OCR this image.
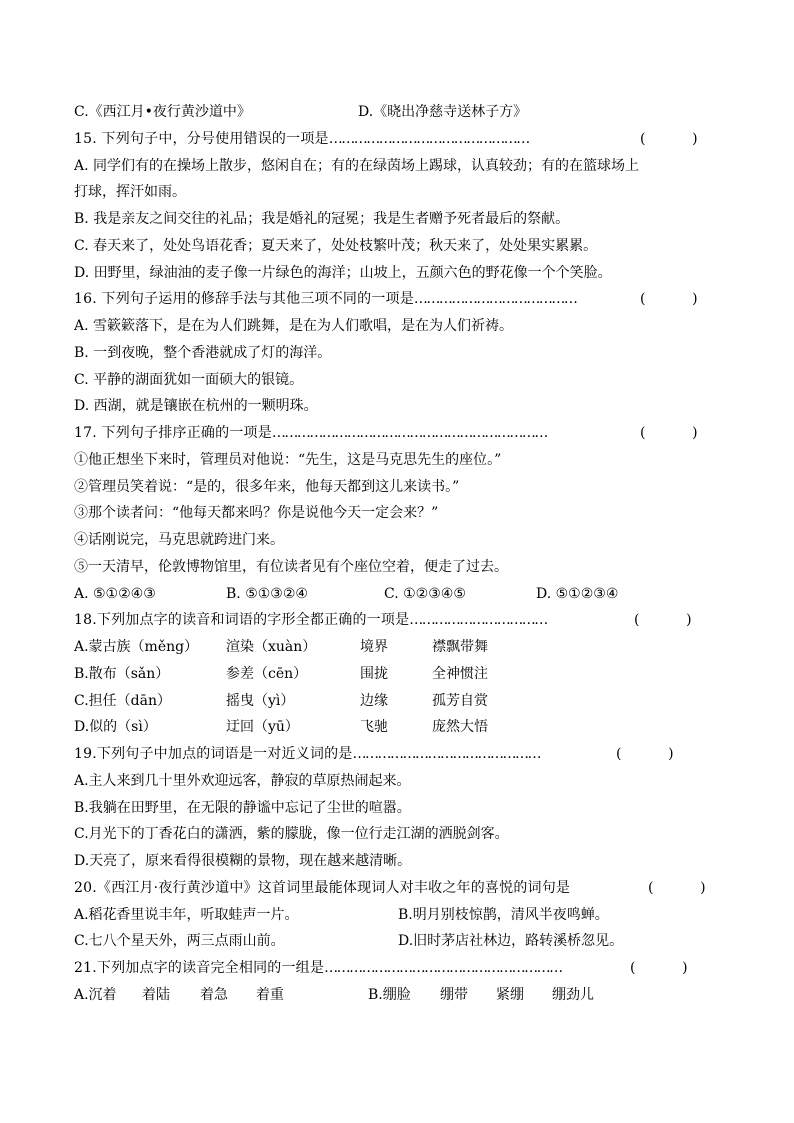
C.《西江月•夜行黄沙道中》	D.《晓出净慈寺送林子方》
15. 下列句子中，分号使用错误的一项是…………………………………………	(          )
A. 同学们有的在操场上散步，悠闲自在；有的在绿茵场上踢球，认真较劲；有的在篮球场上
打球，挥汗如雨。
B. 我是亲友之间交往的礼品；我是婚礼的冠冕；我是生者赠予死者最后的祭献。
C. 春天来了，处处鸟语花香；夏天来了，处处枝繁叶茂；秋天来了，处处果实累累。
D. 田野里，绿油油的麦子像一片绿色的海洋；山坡上，五颜六色的野花像一个个笑脸。
16. 下列句子运用的修辞手法与其他三项不同的一项是…………………………………	(          )
A. 雪簌簌落下，是在为人们跳舞，是在为人们歌唱，是在为人们祈祷。
B. 一到夜晚，整个香港就成了灯的海洋。
C. 平静的湖面犹如一面硕大的银镜。
D. 西湖，就是镶嵌在杭州的一颗明珠。
17. 下列句子排序正确的一项是…………………………………………………………	(          )
①他正想坐下来时，管理员对他说：“先生，这是马克思先生的座位。”
②管理员笑着说：“是的，很多年来，他每天都到这儿来读书。”
③那个读者问：“他每天都来吗？你是说他今天一定会来？”
④话刚说完，马克思就跨进门来。
⑤一天清早，伦敦博物馆里，有位读者见有个座位空着，便走了过去。
A. ⑤①②④③	B. ⑤①③②④	C. ①②③④⑤	D. ⑤①②③④
18.下列加点字的读音和词语的字形全都正确的一项是……………………………	(          )
A.蒙古族（měng） 渲染（xuàn）	境界	襟飘带舞
B.散布（sǎn）	参差（cēn）	围拢	全神惯注
C.担任（dān）	摇曳（yì）	边缘	孤芳自赏
D.似的（sì）	迂回（yū）	飞驰	庞然大悟
19.下列句子中加点的词语是一对近义词的是………………………………………	(          )
A.主人来到几十里外欢迎远客，静寂的草原热闹起来。
B.我躺在田野里，在无限的静谧中忘记了尘世的喧嚣。
C.月光下的丁香花白的潇洒，紫的朦胧，像一位行走江湖的洒脱剑客。
D.天亮了，原来看得很模糊的景物，现在越来越清晰。
20.《西江月·夜行黄沙道中》这首词里最能体现词人对丰收之年的喜悦的词句是	(          )
A.稻花香里说丰年，听取蛙声一片。	B.明月别枝惊鹊，清风半夜鸣蝉。
C.七八个星天外，两三点雨山前。	D.旧时茅店社林边，路转溪桥忽见。
21.下列加点字的读音完全相同的一组是…………………………………………………	(          )
A.沉着 着陆 着急 着重	B.绷脸 绷带 紧绷 绷劲儿
